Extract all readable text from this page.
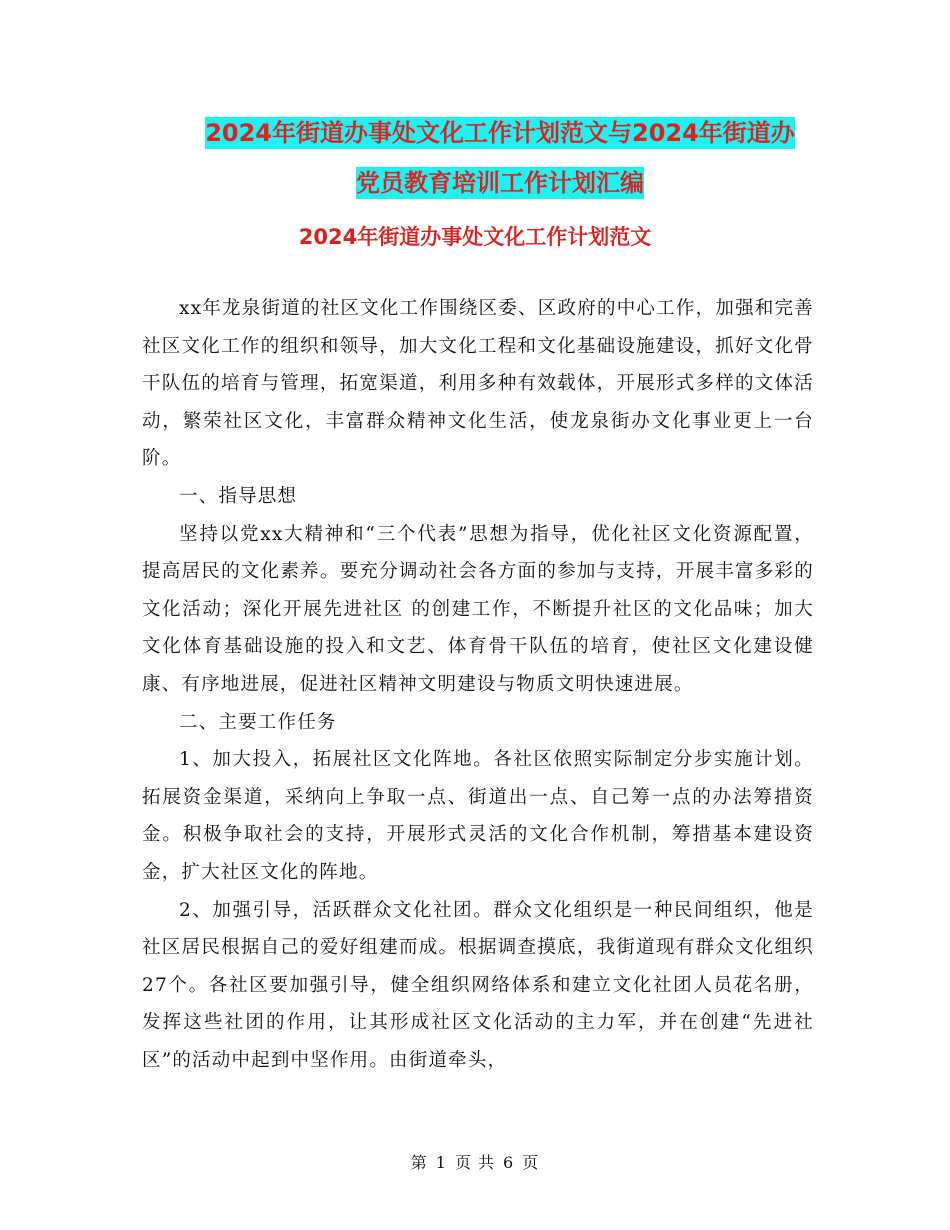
2024年街道办事处文化工作计划范文与2024年街道办
党员教育培训工作计划汇编
2024年街道办事处文化工作计划范文

xx年龙泉街道的社区文化工作围绕区委、区政府的中心工作，加强和完善社区文化工作的组织和领导，加大文化工程和文化基础设施建设，抓好文化骨干队伍的培育与管理，拓宽渠道，利用多种有效载体，开展形式多样的文体活动，繁荣社区文化，丰富群众精神文化生活，使龙泉街办文化事业更上一台阶。

一、指导思想

坚持以党xx大精神和“三个代表”思想为指导，优化社区文化资源配置，提高居民的文化素养。要充分调动社会各方面的参加与支持，开展丰富多彩的文化活动；深化开展先进社区 的创建工作，不断提升社区的文化品味；加大文化体育基础设施的投入和文艺、体育骨干队伍的培育，使社区文化建设健康、有序地进展，促进社区精神文明建设与物质文明快速进展。

二、主要工作任务

1、加大投入，拓展社区文化阵地。各社区依照实际制定分步实施计划。拓展资金渠道，采纳向上争取一点、街道出一点、自己筹一点的办法筹措资金。积极争取社会的支持，开展形式灵活的文化合作机制，筹措基本建设资金，扩大社区文化的阵地。

2、加强引导，活跃群众文化社团。群众文化组织是一种民间组织，他是社区居民根据自己的爱好组建而成。根据调查摸底，我街道现有群众文化组织27个。各社区要加强引导，健全组织网络体系和建立文化社团人员花名册，发挥这些社团的作用，让其形成社区文化活动的主力军，并在创建“先进社区”的活动中起到中坚作用。由街道牵头，

第 1 页 共 6 页
